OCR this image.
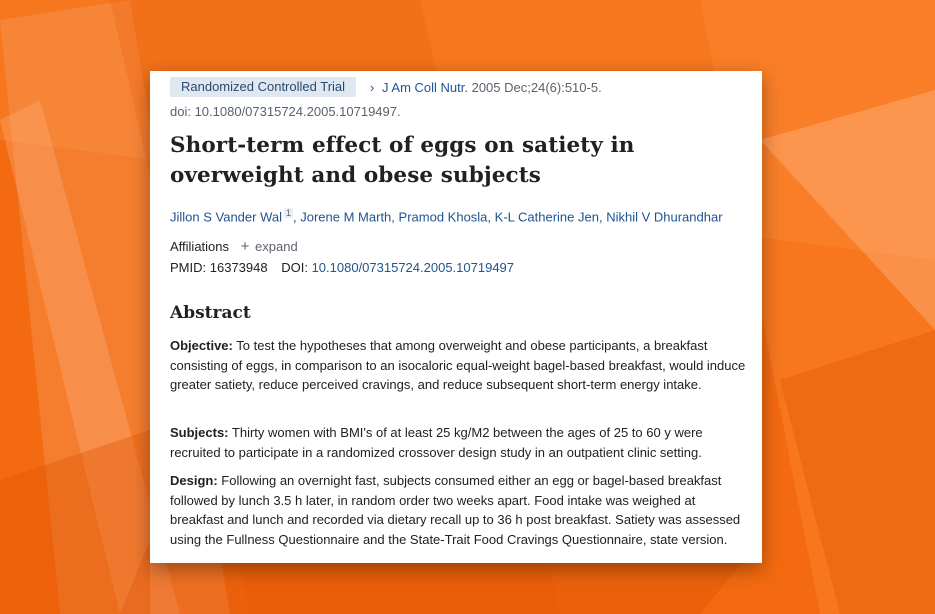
Randomized Controlled Trial	› J Am Coll Nutr. 2005 Dec;24(6):510-5.
doi: 10.1080/07315724.2005.10719497.
Short-term effect of eggs on satiety in overweight and obese subjects
Jillon S Vander Wal $^1$ , Jorene M Marth, Pramod Khosla, K-L Catherine Jen, Nikhil V Dhurandhar
Affiliations + expand
PMID: 16373948 DOI: 10.1080/07315724.2005.10719497
Abstract

Objective: To test the hypotheses that among overweight and obese participants, a breakfast consisting of eggs, in comparison to an isocaloric equal-weight bagel-based breakfast, would induce greater satiety, reduce perceived cravings, and reduce subsequent short-term energy intake.

Subjects: Thirty women with BMI's of at least 25 kg/M2 between the ages of 25 to 60 y were recruited to participate in a randomized crossover design study in an outpatient clinic setting.

Design: Following an overnight fast, subjects consumed either an egg or bagel-based breakfast followed by lunch 3.5 h later, in random order two weeks apart. Food intake was weighed at breakfast and lunch and recorded via dietary recall up to 36 h post breakfast. Satiety was assessed using the Fullness Questionnaire and the State-Trait Food Cravings Questionnaire, state version.
